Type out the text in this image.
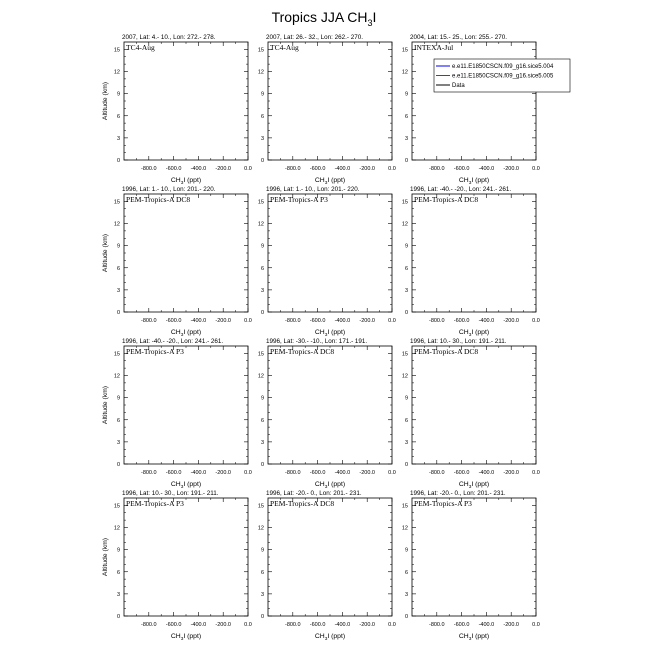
Tropics JJA $CH_3I$
2007, Lat: 4.- 10., Lon: 272.- 278.
TC4-Aug
-800.0 -600.0 -400.0 -200.0 0.0
0
3
6
9
12
15
$CH_3I$ (ppt)
Altitude (km)
2007, Lat: 26.- 32., Lon: 262.- 270.
TC4-Aug
-800.0 -600.0 -400.0 -200.0 0.0
0
3
6
9
12
15
$CH_3I$ (ppt)
2004, Lat: 15.- 25., Lon: 255.- 270.
INTEXA-Jul
-800.0 -600.0 -400.0 -200.0 0.0
0
3
6
9
12
15
$CH_3I$ (ppt)
1996, Lat: 1.- 10., Lon: 201.- 220.
PEM-Tropics-A DC8
-800.0 -600.0 -400.0 -200.0 0.0
0
3
6
9
12
15
$CH_3I$ (ppt)
Altitude (km)
1996, Lat: 1.- 10., Lon: 201.- 220.
PEM-Tropics-A P3
-800.0 -600.0 -400.0 -200.0 0.0
0
3
6
9
12
15
$CH_3I$ (ppt)
1996, Lat: -40.- -20., Lon: 241.- 261.
PEM-Tropics-A DC8
-800.0 -600.0 -400.0 -200.0 0.0
0
3
6
9
12
15
$CH_3I$ (ppt)
1996, Lat: -40.- -20., Lon: 241.- 261.
PEM-Tropics-A P3
-800.0 -600.0 -400.0 -200.0 0.0
0
3
6
9
12
15
$CH_3I$ (ppt)
Altitude (km)
1996, Lat: -30.- -10., Lon: 171.- 191.
PEM-Tropics-A DC8
-800.0 -600.0 -400.0 -200.0 0.0
0
3
6
9
12
15
$CH_3I$ (ppt)
1996, Lat: 10.- 30., Lon: 191.- 211.
PEM-Tropics-A DC8
-800.0 -600.0 -400.0 -200.0 0.0
0
3
6
9
12
15
$CH_3I$ (ppt)
1996, Lat: 10.- 30., Lon: 191.- 211.
PEM-Tropics-A P3
-800.0 -600.0 -400.0 -200.0 0.0
0
3
6
9
12
15
$CH_3I$ (ppt)
Altitude (km)
1996, Lat: -20.- 0., Lon: 201.- 231.
PEM-Tropics-A DC8
-800.0 -600.0 -400.0 -200.0 0.0
0
3
6
9
12
15
$CH_3I$ (ppt)
1996, Lat: -20.- 0., Lon: 201.- 231.
PEM-Tropics-A P3
-800.0 -600.0 -400.0 -200.0 0.0
0
3
6
9
12
15
$CH_3I$ (ppt)
e.e11.E1850CSCN.f09_g16.sice5.004
e.e11.E1850CSCN.f09_g16.sice5.005
Data
